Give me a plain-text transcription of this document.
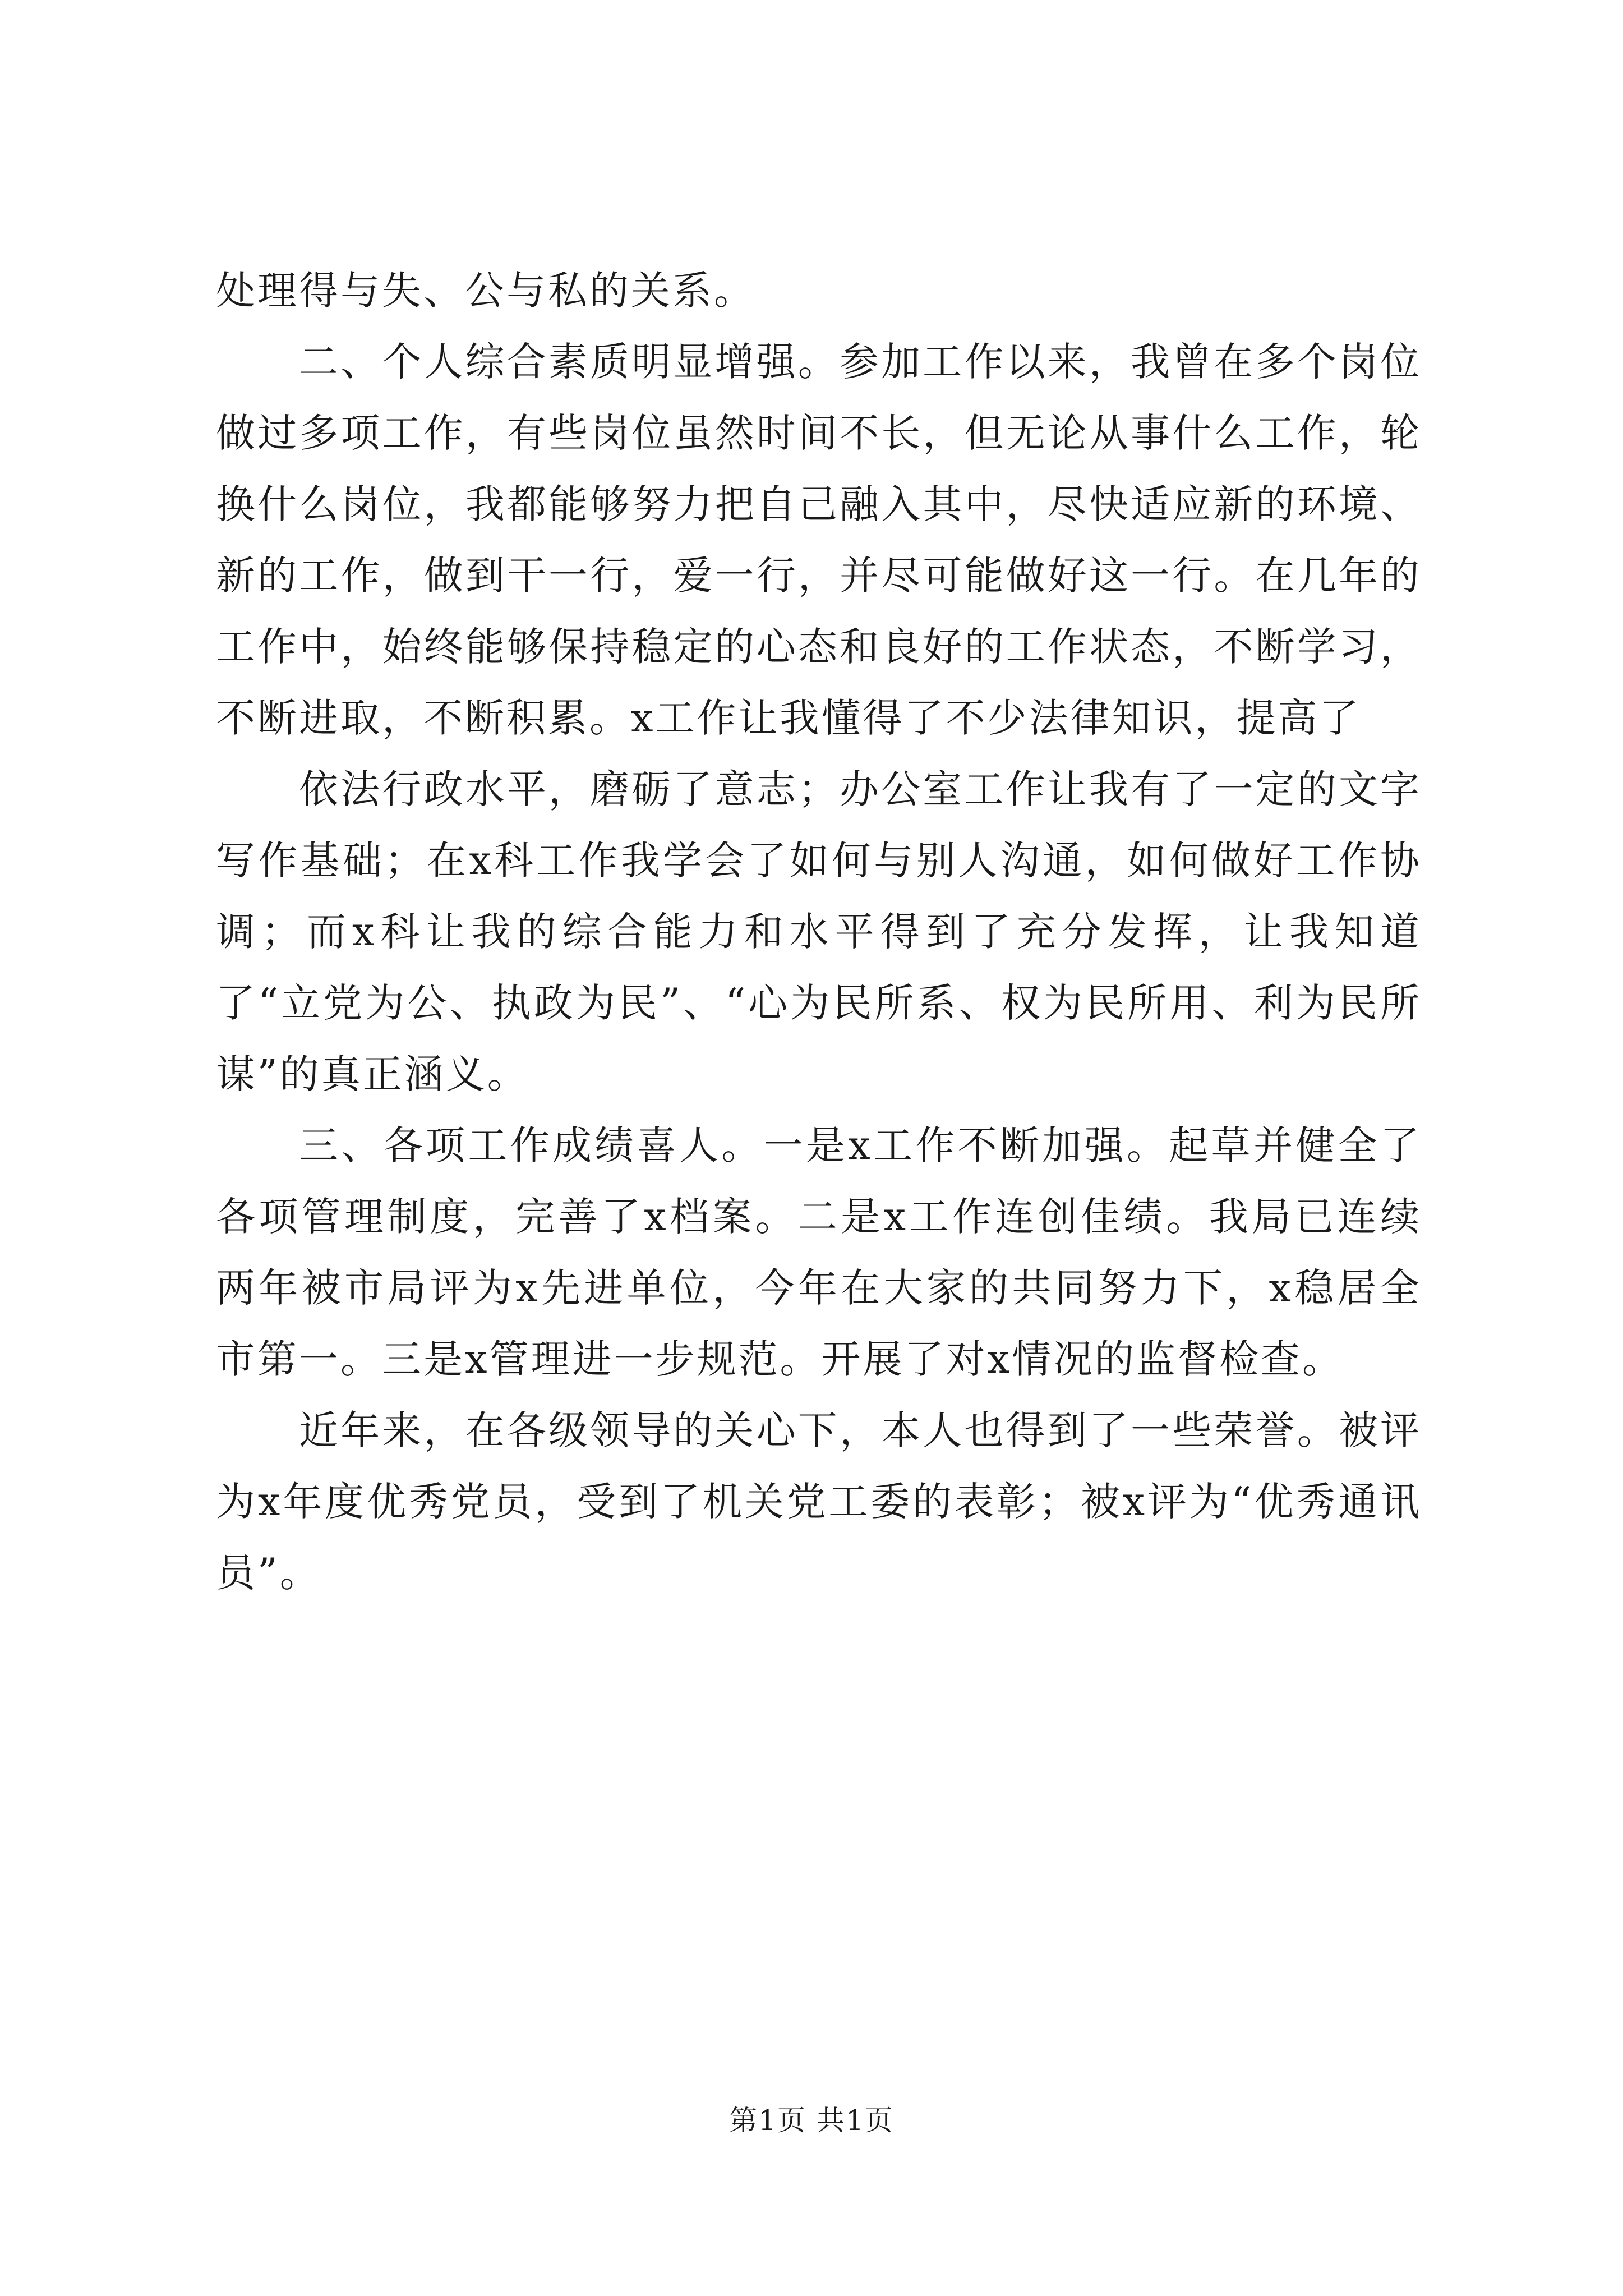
处理得与失、公与私的关系。

二、个人综合素质明显增强。参加工作以来，我曾在多个岗位做过多项工作，有些岗位虽然时间不长，但无论从事什么工作，轮换什么岗位，我都能够努力把自己融入其中，尽快适应新的环境、新的工作，做到干一行，爱一行，并尽可能做好这一行。在几年的工作中，始终能够保持稳定的心态和良好的工作状态，不断学习，不断进取，不断积累。x工作让我懂得了不少法律知识，提高了

依法行政水平，磨砺了意志；办公室工作让我有了一定的文字写作基础；在x科工作我学会了如何与别人沟通，如何做好工作协调；而x科让我的综合能力和水平得到了充分发挥，让我知道了“立党为公、执政为民”、“心为民所系、权为民所用、利为民所谋”的真正涵义。

三、各项工作成绩喜人。一是x工作不断加强。起草并健全了各项管理制度，完善了x档案。二是x工作连创佳绩。我局已连续两年被市局评为x先进单位，今年在大家的共同努力下，x稳居全市第一。三是x管理进一步规范。开展了对x情况的监督检查。

近年来，在各级领导的关心下，本人也得到了一些荣誉。被评为x年度优秀党员，受到了机关党工委的表彰；被x评为“优秀通讯员”。

第1页 共1页
